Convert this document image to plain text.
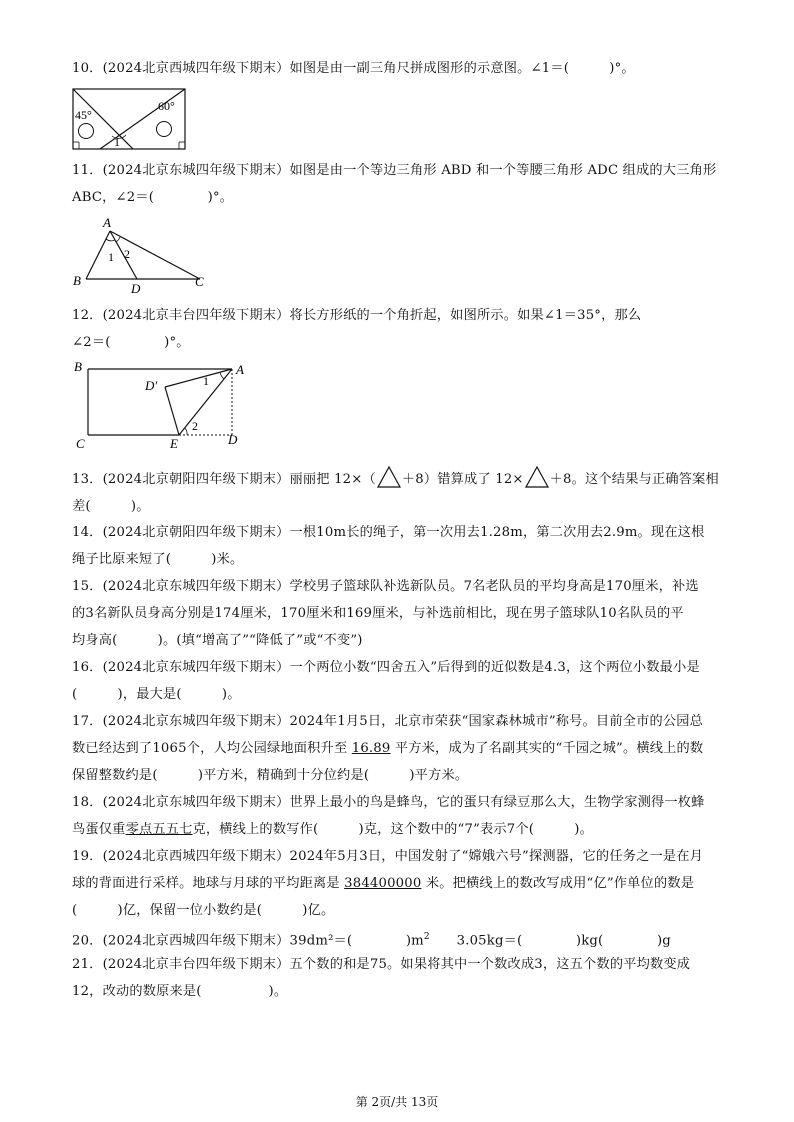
10．(2024北京西城四年级下期末）如图是由一副三角尺拼成图形的示意图。∠1＝(　　　)°。
45°
60°
1
11．(2024北京东城四年级下期末）如图是由一个等边三角形 ABD 和一个等腰三角形 ADC 组成的大三角形
ABC，∠2＝(　　　　)°。
A
B	C
D
1 2
12．(2024北京丰台四年级下期末）将长方形纸的一个角折起，如图所示。如果∠1＝35°，那么
∠2＝(　　　　)°。
B	A
C	E	D
D′	1
2
13．(2024北京朝阳四年级下期末）丽丽把 12×（ ＋8）错算成了 12× ＋8。这个结果与正确答案相
差(　　　)。
14．(2024北京朝阳四年级下期末）一根10m长的绳子，第一次用去1.28m，第二次用去2.9m。现在这根
绳子比原来短了(　　　)米。
15．(2024北京东城四年级下期末）学校男子篮球队补选新队员。7名老队员的平均身高是170厘米，补选
的3名新队员身高分别是174厘米，170厘米和169厘米，与补选前相比，现在男子篮球队10名队员的平
均身高(　　　)。(填“增高了”“降低了”或“不变”)
16．(2024北京东城四年级下期末）一个两位小数“四舍五入”后得到的近似数是4.3，这个两位小数最小是
(　　　)，最大是(　　　)。
17．(2024北京东城四年级下期末）2024年1月5日，北京市荣获“国家森林城市”称号。目前全市的公园总
数已经达到了1065个，人均公园绿地面积升至 16.89 平方米，成为了名副其实的“千园之城”。横线上的数
保留整数约是(　　　)平方米，精确到十分位约是(　　　)平方米。
18．(2024北京东城四年级下期末）世界上最小的鸟是蜂鸟，它的蛋只有绿豆那么大，生物学家测得一枚蜂
鸟蛋仅重零点五五七克，横线上的数写作(　　　)克，这个数中的“7”表示7个(　　　)。
19．(2024北京西城四年级下期末）2024年5月3日，中国发射了“嫦娥六号”探测器，它的任务之一是在月
球的背面进行采样。地球与月球的平均距离是 384400000 米。把横线上的数改写成用“亿”作单位的数是
(　　　)亿，保留一位小数约是(　　　)亿。
20．(2024北京西城四年级下期末）39dm²＝(　　　　)$m^2$　　3.05kg＝(　　　　)kg(　　　　)g
21．(2024北京丰台四年级下期末）五个数的和是75。如果将其中一个数改成3，这五个数的平均数变成
12，改动的数原来是(　　　　　)。
第 2页/共 13页
